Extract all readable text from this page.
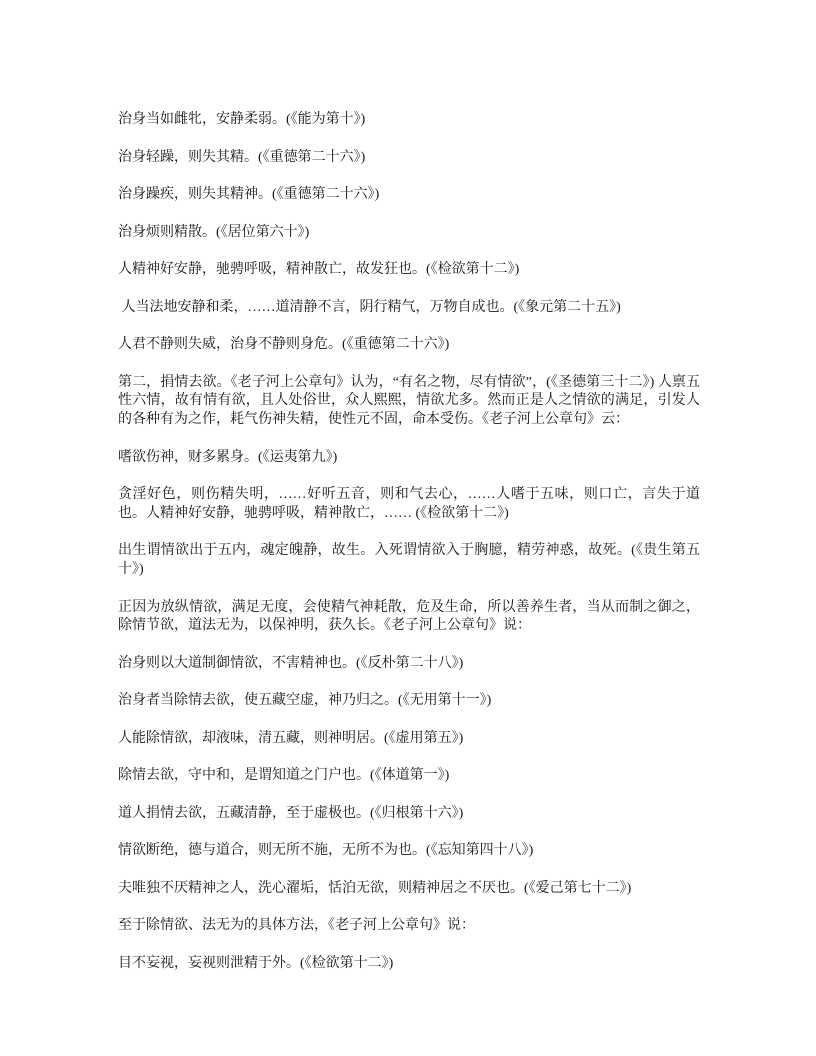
治身当如雌牝，安静柔弱。(《能为第十》)

治身轻躁，则失其精。(《重德第二十六》)

治身躁疾，则失其精神。(《重德第二十六》)

治身烦则精散。(《居位第六十》)

人精神好安静，驰骋呼吸，精神散亡，故发狂也。(《检欲第十二》)

人当法地安静和柔，……道清静不言，阴行精气，万物自成也。(《象元第二十五》)

人君不静则失威，治身不静则身危。(《重德第二十六》)

第二，捐情去欲。《老子河上公章句》认为，“有名之物，尽有情欲”，(《圣德第三十二》) 人禀五性六情，故有情有欲，且人处俗世，众人熙熙，情欲尤多。然而正是人之情欲的满足，引发人的各种有为之作，耗气伤神失精，使性元不固，命本受伤。《老子河上公章句》云：

嗜欲伤神，财多累身。(《运夷第九》)

贪淫好色，则伤精失明，……好听五音，则和气去心，……人嗜于五味，则口亡，言失于道也。人精神好安静，驰骋呼吸，精神散亡，…… (《检欲第十二》)

出生谓情欲出于五内，魂定魄静，故生。入死谓情欲入于胸臆，精劳神惑，故死。(《贵生第五十》)

正因为放纵情欲，满足无度，会使精气神耗散，危及生命，所以善养生者，当从而制之御之，除情节欲，道法无为，以保神明，获久长。《老子河上公章句》说：

治身则以大道制御情欲，不害精神也。(《反朴第二十八》)

治身者当除情去欲，使五藏空虚，神乃归之。(《无用第十一》)

人能除情欲，却液味，清五藏，则神明居。(《虚用第五》)

除情去欲，守中和，是谓知道之门户也。(《体道第一》)

道人捐情去欲，五藏清静，至于虚极也。(《归根第十六》)

情欲断绝，德与道合，则无所不施，无所不为也。(《忘知第四十八》)

夫唯独不厌精神之人，洗心濯垢，恬泊无欲，则精神居之不厌也。(《爱己第七十二》)

至于除情欲、法无为的具体方法，《老子河上公章句》说：

目不妄视，妄视则泄精于外。(《检欲第十二》)
